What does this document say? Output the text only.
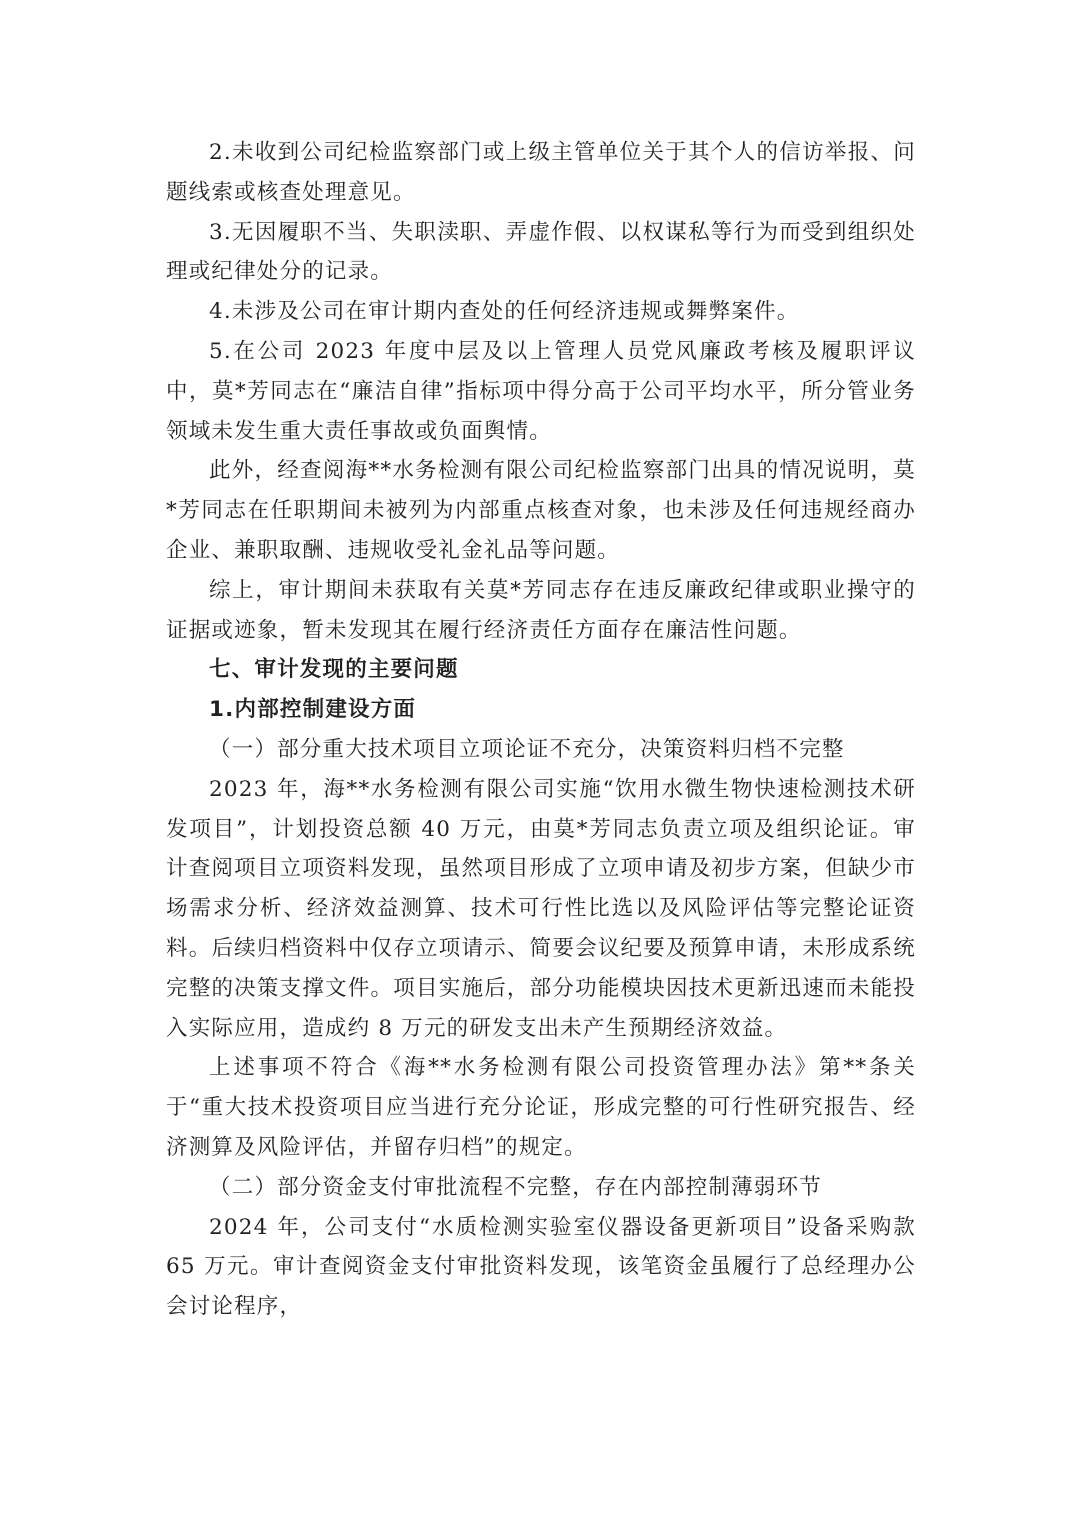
2.未收到公司纪检监察部门或上级主管单位关于其个人的信访举报、问题线索或核查处理意见。

3.无因履职不当、失职渎职、弄虚作假、以权谋私等行为而受到组织处理或纪律处分的记录。

4.未涉及公司在审计期内查处的任何经济违规或舞弊案件。

5.在公司 2023 年度中层及以上管理人员党风廉政考核及履职评议中，莫*芳同志在“廉洁自律”指标项中得分高于公司平均水平，所分管业务领域未发生重大责任事故或负面舆情。

此外，经查阅海**水务检测有限公司纪检监察部门出具的情况说明，莫*芳同志在任职期间未被列为内部重点核查对象，也未涉及任何违规经商办企业、兼职取酬、违规收受礼金礼品等问题。

综上，审计期间未获取有关莫*芳同志存在违反廉政纪律或职业操守的证据或迹象，暂未发现其在履行经济责任方面存在廉洁性问题。

七、审计发现的主要问题

1.内部控制建设方面

（一）部分重大技术项目立项论证不充分，决策资料归档不完整

2023 年，海**水务检测有限公司实施“饮用水微生物快速检测技术研发项目”，计划投资总额 40 万元，由莫*芳同志负责立项及组织论证。审计查阅项目立项资料发现，虽然项目形成了立项申请及初步方案，但缺少市场需求分析、经济效益测算、技术可行性比选以及风险评估等完整论证资料。后续归档资料中仅存立项请示、简要会议纪要及预算申请，未形成系统完整的决策支撑文件。项目实施后，部分功能模块因技术更新迅速而未能投入实际应用，造成约 8 万元的研发支出未产生预期经济效益。

上述事项不符合《海**水务检测有限公司投资管理办法》第**条关于“重大技术投资项目应当进行充分论证，形成完整的可行性研究报告、经济测算及风险评估，并留存归档”的规定。

（二）部分资金支付审批流程不完整，存在内部控制薄弱环节

2024 年，公司支付“水质检测实验室仪器设备更新项目”设备采购款 65 万元。审计查阅资金支付审批资料发现，该笔资金虽履行了总经理办公会讨论程序，
